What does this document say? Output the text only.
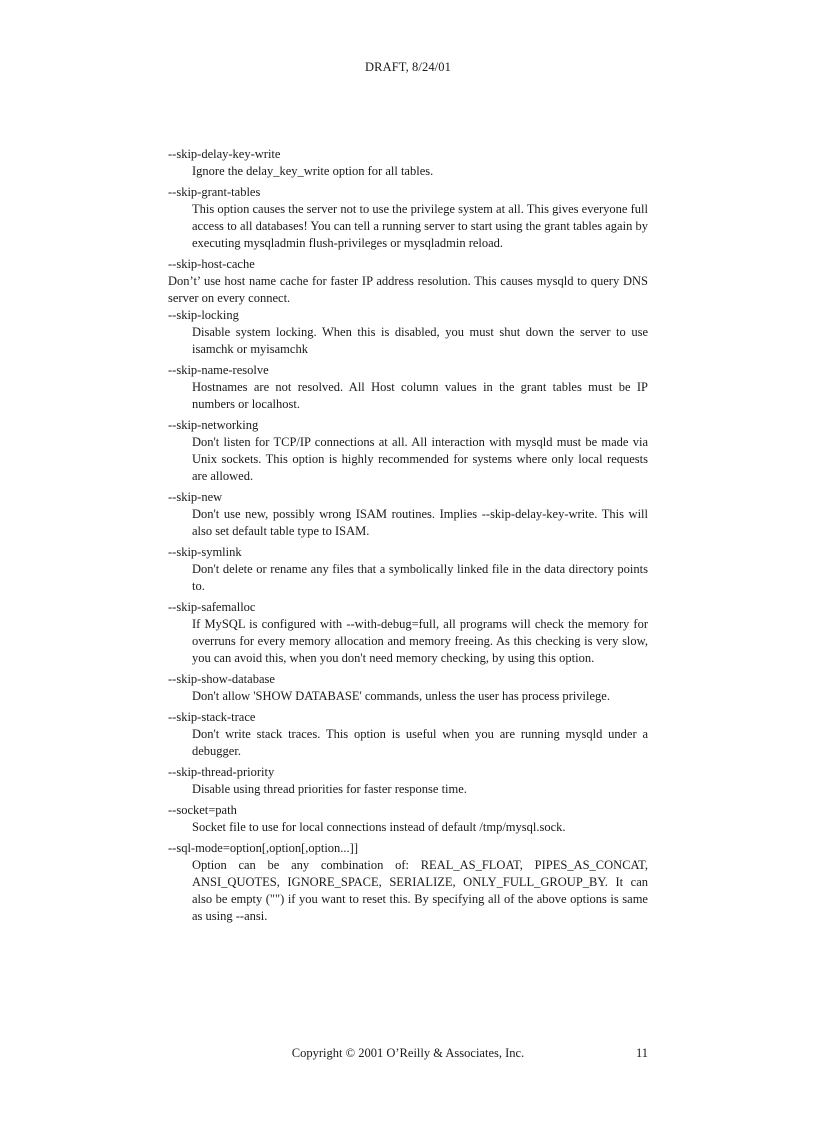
DRAFT, 8/24/01
--skip-delay-key-write
Ignore the delay_key_write option for all tables.
--skip-grant-tables
This option causes the server not to use the privilege system at all. This gives everyone full access to all databases! You can tell a running server to start using the grant tables again by executing mysqladmin flush-privileges or mysqladmin reload.
--skip-host-cache
Don’t’ use host name cache for faster IP address resolution. This causes mysqld to query DNS server on every connect.
--skip-locking
Disable system locking. When this is disabled, you must shut down the server to use isamchk or myisamchk
--skip-name-resolve
Hostnames are not resolved. All Host column values in the grant tables must be IP numbers or localhost.
--skip-networking
Don't listen for TCP/IP connections at all. All interaction with mysqld must be made via Unix sockets. This option is highly recommended for systems where only local requests are allowed.
--skip-new
Don't use new, possibly wrong ISAM routines. Implies --skip-delay-key-write. This will also set default table type to ISAM.
--skip-symlink
Don't delete or rename any files that a symbolically linked file in the data directory points to.
--skip-safemalloc
If MySQL is configured with --with-debug=full, all programs will check the memory for overruns for every memory allocation and memory freeing. As this checking is very slow, you can avoid this, when you don't need memory checking, by using this option.
--skip-show-database
Don't allow 'SHOW DATABASE' commands, unless the user has process privilege.
--skip-stack-trace
Don't write stack traces. This option is useful when you are running mysqld under a debugger.
--skip-thread-priority
Disable using thread priorities for faster response time.
--socket=path
Socket file to use for local connections instead of default /tmp/mysql.sock.
--sql-mode=option[,option[,option...]]
Option can be any combination of: REAL_AS_FLOAT, PIPES_AS_CONCAT, ANSI_QUOTES, IGNORE_SPACE, SERIALIZE, ONLY_FULL_GROUP_BY. It can also be empty ("") if you want to reset this. By specifying all of the above options is same as using --ansi.
Copyright © 2001 O’Reilly & Associates, Inc.	11
